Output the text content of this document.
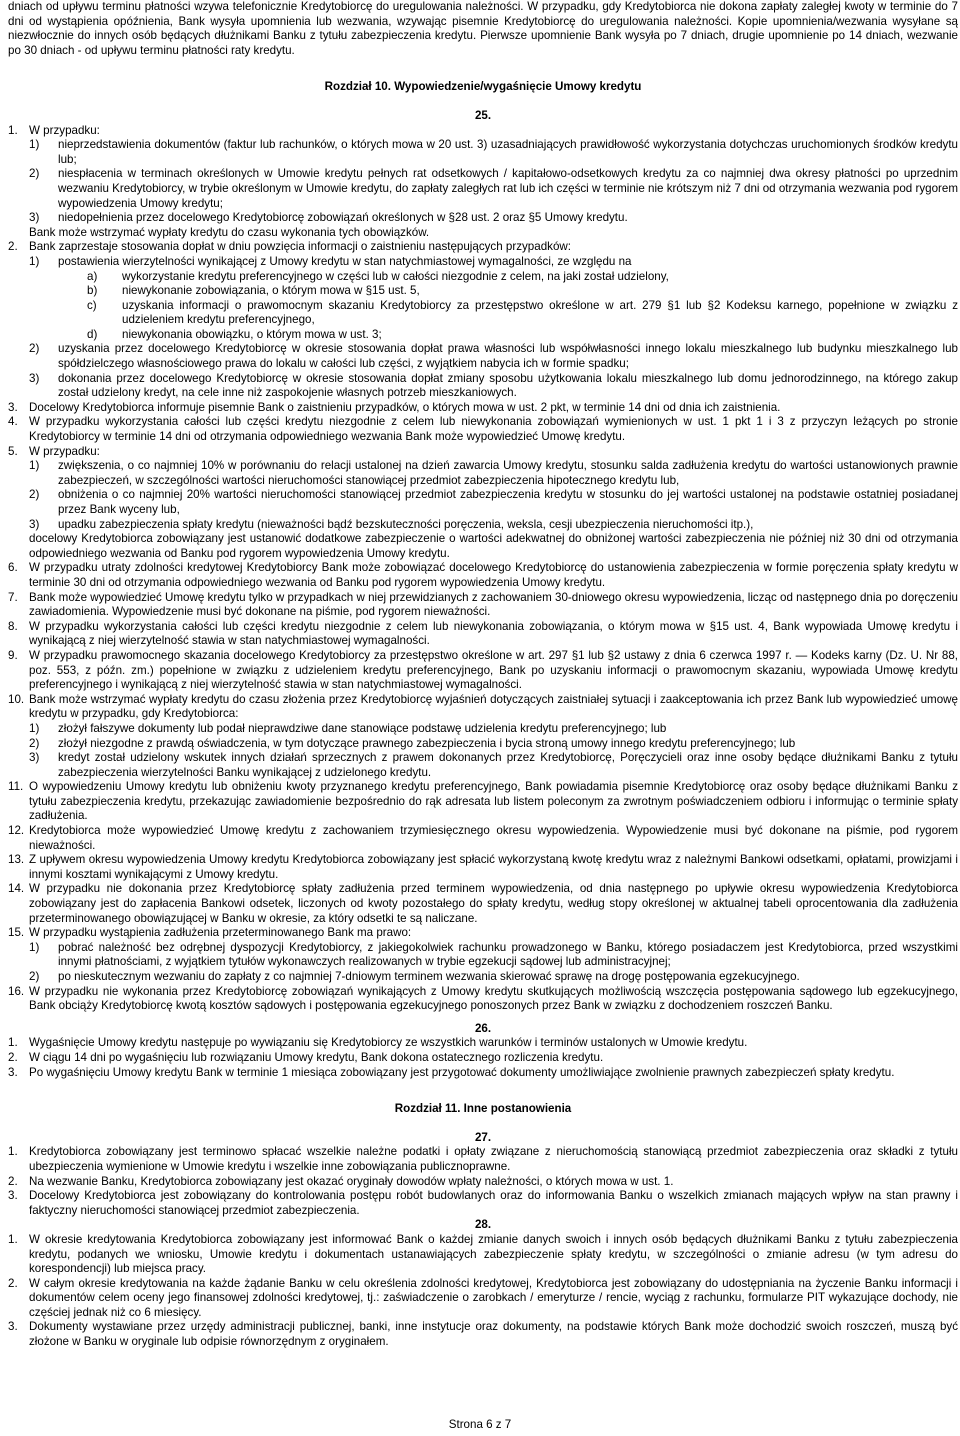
dniach od upływu terminu płatności wzywa telefonicznie Kredytobiorcę do uregulowania należności. W przypadku, gdy Kredytobiorca nie dokona zapłaty zaległej kwoty w terminie do 7 dni od wystąpienia opóźnienia, Bank wysyła upomnienia lub wezwania, wzywając pisemnie Kredytobiorcę do uregulowania należności. Kopie upomnienia/wezwania wysyłane są niezwłocznie do innych osób będących dłużnikami Banku z tytułu zabezpieczenia kredytu. Pierwsze upomnienie Bank wysyła po 7 dniach, drugie upomnienie po 14 dniach, wezwanie po 30 dniach - od upływu terminu płatności raty kredytu.

Rozdział 10. Wypowiedzenie/wygaśnięcie Umowy kredytu

25.

1. W przypadku:
1) nieprzedstawienia dokumentów (faktur lub rachunków, o których mowa w 20 ust. 3) uzasadniających prawidłowość wykorzystania dotychczas uruchomionych środków kredytu lub;
2) niespłacenia w terminach określonych w Umowie kredytu pełnych rat odsetkowych / kapitałowo-odsetkowych kredytu za co najmniej dwa okresy płatności po uprzednim wezwaniu Kredytobiorcy, w trybie określonym w Umowie kredytu, do zapłaty zaległych rat lub ich części w terminie nie krótszym niż 7 dni od otrzymania wezwania pod rygorem wypowiedzenia Umowy kredytu;
3) niedopełnienia przez docelowego Kredytobiorcę zobowiązań określonych w §28 ust. 2 oraz §5 Umowy kredytu.

Bank może wstrzymać wypłaty kredytu do czasu wykonania tych obowiązków.

2. Bank zaprzestaje stosowania dopłat w dniu powzięcia informacji o zaistnieniu następujących przypadków:
1) postawienia wierzytelności wynikającej z Umowy kredytu w stan natychmiastowej wymagalności, ze względu na
a) wykorzystanie kredytu preferencyjnego w części lub w całości niezgodnie z celem, na jaki został udzielony,
b) niewykonanie zobowiązania, o którym mowa w §15 ust. 5,
c) uzyskania informacji o prawomocnym skazaniu Kredytobiorcy za przestępstwo określone w art. 279 §1 lub §2 Kodeksu karnego, popełnione w związku z udzieleniem kredytu preferencyjnego,
d) niewykonania obowiązku, o którym mowa w ust. 3;
2) uzyskania przez docelowego Kredytobiorcę w okresie stosowania dopłat prawa własności lub współwłasności innego lokalu mieszkalnego lub budynku mieszkalnego lub spółdzielczego własnościowego prawa do lokalu w całości lub części, z wyjątkiem nabycia ich w formie spadku;
3) dokonania przez docelowego Kredytobiorcę w okresie stosowania dopłat zmiany sposobu użytkowania lokalu mieszkalnego lub domu jednorodzinnego, na którego zakup został udzielony kredyt, na cele inne niż zaspokojenie własnych potrzeb mieszkaniowych.
3. Docelowy Kredytobiorca informuje pisemnie Bank o zaistnieniu przypadków, o których mowa w ust. 2 pkt, w terminie 14 dni od dnia ich zaistnienia.
4. W przypadku wykorzystania całości lub części kredytu niezgodnie z celem lub niewykonania zobowiązań wymienionych w ust. 1 pkt 1 i 3 z przyczyn leżących po stronie Kredytobiorcy w terminie 14 dni od otrzymania odpowiedniego wezwania Bank może wypowiedzieć Umowę kredytu.
5. W przypadku:
1) zwiększenia, o co najmniej 10% w porównaniu do relacji ustalonej na dzień zawarcia Umowy kredytu, stosunku salda zadłużenia kredytu do wartości ustanowionych prawnie zabezpieczeń, w szczególności wartości nieruchomości stanowiącej przedmiot zabezpieczenia hipotecznego kredytu lub,
2) obniżenia o co najmniej 20% wartości nieruchomości stanowiącej przedmiot zabezpieczenia kredytu w stosunku do jej wartości ustalonej na podstawie ostatniej posiadanej przez Bank wyceny lub,
3) upadku zabezpieczenia spłaty kredytu (nieważności bądź bezskuteczności poręczenia, weksla, cesji ubezpieczenia nieruchomości itp.),

docelowy Kredytobiorca zobowiązany jest ustanowić dodatkowe zabezpieczenie o wartości adekwatnej do obniżonej wartości zabezpieczenia nie później niż 30 dni od otrzymania odpowiedniego wezwania od Banku pod rygorem wypowiedzenia Umowy kredytu.

6. W przypadku utraty zdolności kredytowej Kredytobiorcy Bank może zobowiązać docelowego Kredytobiorcę do ustanowienia zabezpieczenia w formie poręczenia spłaty kredytu w terminie 30 dni od otrzymania odpowiedniego wezwania od Banku pod rygorem wypowiedzenia Umowy kredytu.
7. Bank może wypowiedzieć Umowę kredytu tylko w przypadkach w niej przewidzianych z zachowaniem 30-dniowego okresu wypowiedzenia, licząc od następnego dnia po doręczeniu zawiadomienia. Wypowiedzenie musi być dokonane na piśmie, pod rygorem nieważności.
8. W przypadku wykorzystania całości lub części kredytu niezgodnie z celem lub niewykonania zobowiązania, o którym mowa w §15 ust. 4, Bank wypowiada Umowę kredytu i wynikającą z niej wierzytelność stawia w stan natychmiastowej wymagalności.
9. W przypadku prawomocnego skazania docelowego Kredytobiorcy za przestępstwo określone w art. 297 §1 lub §2 ustawy z dnia 6 czerwca 1997 r. — Kodeks karny (Dz. U. Nr 88, poz. 553, z późn. zm.) popełnione w związku z udzieleniem kredytu preferencyjnego, Bank po uzyskaniu informacji o prawomocnym skazaniu, wypowiada Umowę kredytu preferencyjnego i wynikającą z niej wierzytelność stawia w stan natychmiastowej wymagalności.
10. Bank może wstrzymać wypłaty kredytu do czasu złożenia przez Kredytobiorcę wyjaśnień dotyczących zaistniałej sytuacji i zaakceptowania ich przez Bank lub wypowiedzieć umowę kredytu w przypadku, gdy Kredytobiorca:
1) złożył fałszywe dokumenty lub podał nieprawdziwe dane stanowiące podstawę udzielenia kredytu preferencyjnego; lub
2) złożył niezgodne z prawdą oświadczenia, w tym dotyczące prawnego zabezpieczenia i bycia stroną umowy innego kredytu preferencyjnego; lub
3) kredyt został udzielony wskutek innych działań sprzecznych z prawem dokonanych przez Kredytobiorcę, Poręczycieli oraz inne osoby będące dłużnikami Banku z tytułu zabezpieczenia wierzytelności Banku wynikającej z udzielonego kredytu.
11. O wypowiedzeniu Umowy kredytu lub obniżeniu kwoty przyznanego kredytu preferencyjnego, Bank powiadamia pisemnie Kredytobiorcę oraz osoby będące dłużnikami Banku z tytułu zabezpieczenia kredytu, przekazując zawiadomienie bezpośrednio do rąk adresata lub listem poleconym za zwrotnym poświadczeniem odbioru i informując o terminie spłaty zadłużenia.
12. Kredytobiorca może wypowiedzieć Umowę kredytu z zachowaniem trzymiesięcznego okresu wypowiedzenia. Wypowiedzenie musi być dokonane na piśmie, pod rygorem nieważności.
13. Z upływem okresu wypowiedzenia Umowy kredytu Kredytobiorca zobowiązany jest spłacić wykorzystaną kwotę kredytu wraz z należnymi Bankowi odsetkami, opłatami, prowizjami i innymi kosztami wynikającymi z Umowy kredytu.
14. W przypadku nie dokonania przez Kredytobiorcę spłaty zadłużenia przed terminem wypowiedzenia, od dnia następnego po upływie okresu wypowiedzenia Kredytobiorca zobowiązany jest do zapłacenia Bankowi odsetek, liczonych od kwoty pozostałego do spłaty kredytu, według stopy określonej w aktualnej tabeli oprocentowania dla zadłużenia przeterminowanego obowiązującej w Banku w okresie, za który odsetki te są naliczane.
15. W przypadku wystąpienia zadłużenia przeterminowanego Bank ma prawo:
1) pobrać należność bez odrębnej dyspozycji Kredytobiorcy, z jakiegokolwiek rachunku prowadzonego w Banku, którego posiadaczem jest Kredytobiorca, przed wszystkimi innymi płatnościami, z wyjątkiem tytułów wykonawczych realizowanych w trybie egzekucji sądowej lub administracyjnej;
2) po nieskutecznym wezwaniu do zapłaty z co najmniej 7-dniowym terminem wezwania skierować sprawę na drogę postępowania egzekucyjnego.
16. W przypadku nie wykonania przez Kredytobiorcę zobowiązań wynikających z Umowy kredytu skutkujących możliwością wszczęcia postępowania sądowego lub egzekucyjnego, Bank obciąży Kredytobiorcę kwotą kosztów sądowych i postępowania egzekucyjnego ponoszonych przez Bank w związku z dochodzeniem roszczeń Banku.

26.

1. Wygaśnięcie Umowy kredytu następuje po wywiązaniu się Kredytobiorcy ze wszystkich warunków i terminów ustalonych w Umowie kredytu.
2. W ciągu 14 dni po wygaśnięciu lub rozwiązaniu Umowy kredytu, Bank dokona ostatecznego rozliczenia kredytu.
3. Po wygaśnięciu Umowy kredytu Bank w terminie 1 miesiąca zobowiązany jest przygotować dokumenty umożliwiające zwolnienie prawnych zabezpieczeń spłaty kredytu.

Rozdział 11. Inne postanowienia

27.

1. Kredytobiorca zobowiązany jest terminowo spłacać wszelkie należne podatki i opłaty związane z nieruchomością stanowiącą przedmiot zabezpieczenia oraz składki z tytułu ubezpieczenia wymienione w Umowie kredytu i wszelkie inne zobowiązania publicznoprawne.
2. Na wezwanie Banku, Kredytobiorca zobowiązany jest okazać oryginały dowodów wpłaty należności, o których mowa w ust. 1.
3. Docelowy Kredytobiorca jest zobowiązany do kontrolowania postępu robót budowlanych oraz do informowania Banku o wszelkich zmianach mających wpływ na stan prawny i faktyczny nieruchomości stanowiącej przedmiot zabezpieczenia.

28.

1. W okresie kredytowania Kredytobiorca zobowiązany jest informować Bank o każdej zmianie danych swoich i innych osób będących dłużnikami Banku z tytułu zabezpieczenia kredytu, podanych we wniosku, Umowie kredytu i dokumentach ustanawiających zabezpieczenie spłaty kredytu, w szczególności o zmianie adresu (w tym adresu do korespondencji) lub miejsca pracy.
2. W całym okresie kredytowania na każde żądanie Banku w celu określenia zdolności kredytowej, Kredytobiorca jest zobowiązany do udostępniania na życzenie Banku informacji i dokumentów celem oceny jego finansowej zdolności kredytowej, tj.: zaświadczenie o zarobkach / emeryturze / rencie, wyciąg z rachunku, formularze PIT wykazujące dochody, nie częściej jednak niż co 6 miesięcy.
3. Dokumenty wystawiane przez urzędy administracji publicznej, banki, inne instytucje oraz dokumenty, na podstawie których Bank może dochodzić swoich roszczeń, muszą być złożone w Banku w oryginale lub odpisie równorzędnym z oryginałem.
Strona 6 z 7
